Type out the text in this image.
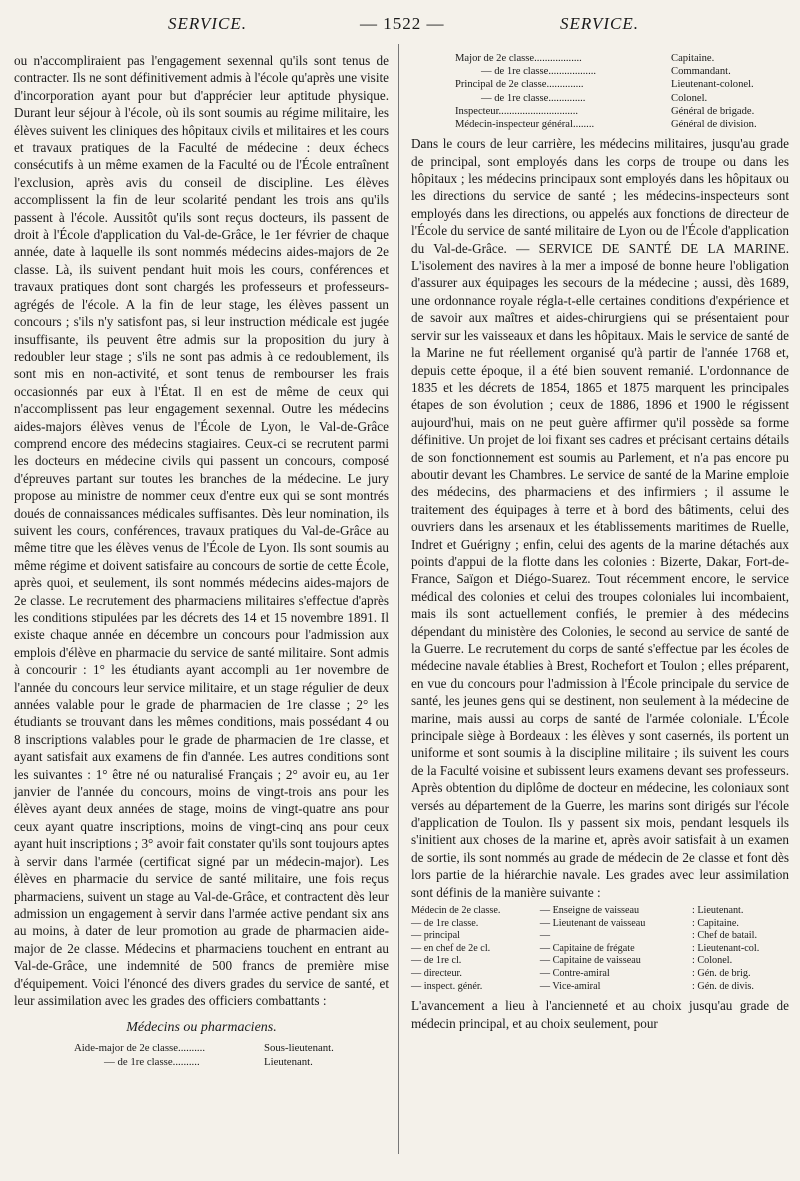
SERVICE.	— 1522 —	SERVICE.

ou n'accompliraient pas l'engagement sexennal qu'ils sont tenus de contracter. Ils ne sont définitivement admis à l'école qu'après une visite d'incorporation ayant pour but d'apprécier leur aptitude physique. Durant leur séjour à l'école, où ils sont soumis au régime militaire, les élèves suivent les cliniques des hôpitaux civils et militaires et les cours et travaux pratiques de la Faculté de médecine : deux échecs consécutifs à un même examen de la Faculté ou de l'École entraînent l'exclusion, après avis du conseil de discipline. Les élèves accomplissent la fin de leur scolarité pendant les trois ans qu'ils passent à l'école. Aussitôt qu'ils sont reçus docteurs, ils passent de droit à l'École d'application du Val-de-Grâce, le 1er février de chaque année, date à laquelle ils sont nommés médecins aides-majors de 2e classe. Là, ils suivent pendant huit mois les cours, conférences et travaux pratiques dont sont chargés les professeurs et professeurs-agrégés de l'école. A la fin de leur stage, les élèves passent un concours ; s'ils n'y satisfont pas, si leur instruction médicale est jugée insuffisante, ils peuvent être admis sur la proposition du jury à redoubler leur stage ; s'ils ne sont pas admis à ce redoublement, ils sont mis en non-activité, et sont tenus de rembourser les frais occasionnés par eux à l'État. Il en est de même de ceux qui n'accomplissent pas leur engagement sexennal. Outre les médecins aides-majors élèves venus de l'École de Lyon, le Val-de-Grâce comprend encore des médecins stagiaires. Ceux-ci se recrutent parmi les docteurs en médecine civils qui passent un concours, composé d'épreuves partant sur toutes les branches de la médecine. Le jury propose au ministre de nommer ceux d'entre eux qui se sont montrés doués de connaissances médicales suffisantes. Dès leur nomination, ils suivent les cours, conférences, travaux pratiques du Val-de-Grâce au même titre que les élèves venus de l'École de Lyon. Ils sont soumis au même régime et doivent satisfaire au concours de sortie de cette École, après quoi, et seulement, ils sont nommés médecins aides-majors de 2e classe. Le recrutement des pharmaciens militaires s'effectue d'après les conditions stipulées par les décrets des 14 et 15 novembre 1891. Il existe chaque année en décembre un concours pour l'admission aux emplois d'élève en pharmacie du service de santé militaire. Sont admis à concourir : 1° les étudiants ayant accompli au 1er novembre de l'année du concours leur service militaire, et un stage régulier de deux années valable pour le grade de pharmacien de 1re classe ; 2° les étudiants se trouvant dans les mêmes conditions, mais possédant 4 ou 8 inscriptions valables pour le grade de pharmacien de 1re classe, et ayant satisfait aux examens de fin d'année. Les autres conditions sont les suivantes : 1° être né ou naturalisé Français ; 2° avoir eu, au 1er janvier de l'année du concours, moins de vingt-trois ans pour les élèves ayant deux années de stage, moins de vingt-quatre ans pour ceux ayant quatre inscriptions, moins de vingt-cinq ans pour ceux ayant huit inscriptions ; 3° avoir fait constater qu'ils sont toujours aptes à servir dans l'armée (certificat signé par un médecin-major). Les élèves en pharmacie du service de santé militaire, une fois reçus pharmaciens, suivent un stage au Val-de-Grâce, et contractent dès leur admission un engagement à servir dans l'armée active pendant six ans au moins, à dater de leur promotion au grade de pharmacien aide-major de 2e classe. Médecins et pharmaciens touchent en entrant au Val-de-Grâce, une indemnité de 500 francs de première mise d'équipement. Voici l'énoncé des divers grades du service de santé, et leur assimilation avec les grades des officiers combattants :

Médecins ou pharmaciens.
Aide-major de 2e classe..........	Sous-lieutenant.
— de 1re classe..........	Lieutenant.
Major de 2e classe..................	Capitaine.
— de 1re classe..................	Commandant.
Principal de 2e classe..............	Lieutenant-colonel.
— de 1re classe..............	Colonel.
Inspecteur..............................	Général de brigade.
Médecin-inspecteur général........	Général de division.

Dans le cours de leur carrière, les médecins militaires, jusqu'au grade de principal, sont employés dans les corps de troupe ou dans les hôpitaux ; les médecins principaux sont employés dans les hôpitaux ou les directions du service de santé ; les médecins-inspecteurs sont employés dans les directions, ou appelés aux fonctions de directeur de l'École du service de santé militaire de Lyon ou de l'École d'application du Val-de-Grâce. — SERVICE DE SANTÉ DE LA MARINE. L'isolement des navires à la mer a imposé de bonne heure l'obligation d'assurer aux équipages les secours de la médecine ; aussi, dès 1689, une ordonnance royale régla-t-elle certaines conditions d'expérience et de savoir aux maîtres et aides-chirurgiens qui se présentaient pour servir sur les vaisseaux et dans les hôpitaux. Mais le service de santé de la Marine ne fut réellement organisé qu'à partir de l'année 1768 et, depuis cette époque, il a été bien souvent remanié. L'ordonnance de 1835 et les décrets de 1854, 1865 et 1875 marquent les principales étapes de son évolution ; ceux de 1886, 1896 et 1900 le régissent aujourd'hui, mais on ne peut guère affirmer qu'il possède sa forme définitive. Un projet de loi fixant ses cadres et précisant certains détails de son fonctionnement est soumis au Parlement, et n'a pas encore pu aboutir devant les Chambres. Le service de santé de la Marine emploie des médecins, des pharmaciens et des infirmiers ; il assume le traitement des équipages à terre et à bord des bâtiments, celui des ouvriers dans les arsenaux et les établissements maritimes de Ruelle, Indret et Guérigny ; enfin, celui des agents de la marine détachés aux points d'appui de la flotte dans les colonies : Bizerte, Dakar, Fort-de-France, Saïgon et Diégo-Suarez. Tout récemment encore, le service médical des colonies et celui des troupes coloniales lui incombaient, mais ils sont actuellement confiés, le premier à des médecins dépendant du ministère des Colonies, le second au service de santé de la Guerre. Le recrutement du corps de santé s'effectue par les écoles de médecine navale établies à Brest, Rochefort et Toulon ; elles préparent, en vue du concours pour l'admission à l'École principale du service de santé, les jeunes gens qui se destinent, non seulement à la médecine de marine, mais aussi au corps de santé de l'armée coloniale. L'École principale siège à Bordeaux : les élèves y sont casernés, ils portent un uniforme et sont soumis à la discipline militaire ; ils suivent les cours de la Faculté voisine et subissent leurs examens devant ses professeurs. Après obtention du diplôme de docteur en médecine, les coloniaux sont versés au département de la Guerre, les marins sont dirigés sur l'école d'application de Toulon. Ils y passent six mois, pendant lesquels ils s'initient aux choses de la marine et, après avoir satisfait à un examen de sortie, ils sont nommés au grade de médecin de 2e classe et font dès lors partie de la hiérarchie navale. Les grades avec leur assimilation sont définis de la manière suivante :

Médecin de 2e classe.	— Enseigne de vaisseau	: Lieutenant.
— de 1re classe.	— Lieutenant de vaisseau	: Capitaine.
— principal	—	: Chef de batail.
— en chef de 2e cl.	— Capitaine de frégate	: Lieutenant-col.
— de 1re cl.	— Capitaine de vaisseau	: Colonel.
— directeur.	— Contre-amiral	: Gén. de brig.
— inspect. génér.	— Vice-amiral	: Gén. de divis.

L'avancement a lieu à l'ancienneté et au choix jusqu'au grade de médecin principal, et au choix seulement, pour
